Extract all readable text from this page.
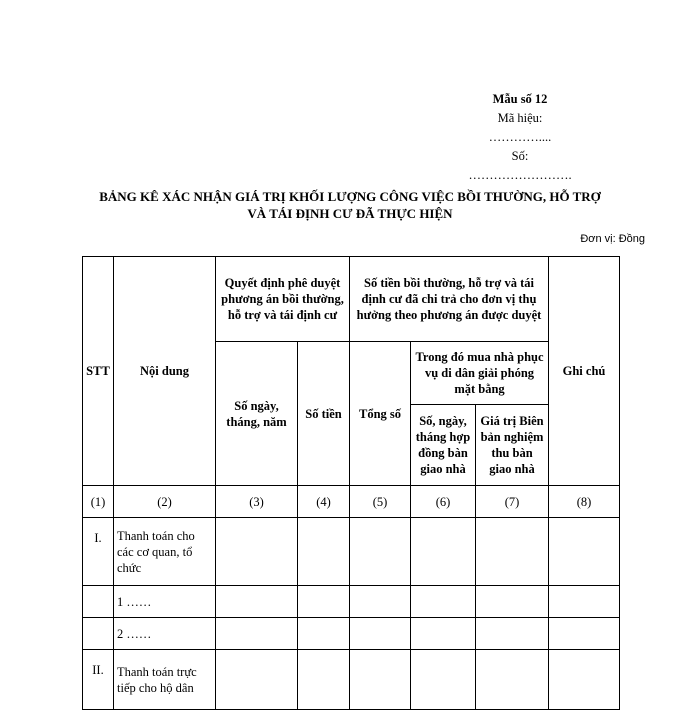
Mẫu số 12
Mã hiệu:
…………....
Số:
…………………….
BẢNG KÊ XÁC NHẬN GIÁ TRỊ KHỐI LƯỢNG CÔNG VIỆC BỒI THƯỜNG, HỖ TRỢ
VÀ TÁI ĐỊNH CƯ ĐÃ THỰC HIỆN
Đơn vị: Đồng
STT	Nội dung	Quyết định phê duyệt phương án bồi thường, hỗ trợ và tái định cư		Số tiền bồi thường, hỗ trợ và tái định cư đã chi trả cho đơn vị thụ hưởng theo phương án được duyệt			Ghi chú
		Số ngày, tháng, năm	Số tiền	Tổng số	Trong đó mua nhà phục vụ di dân giải phóng mặt bằng		
					Số, ngày, tháng hợp đồng bàn giao nhà	Giá trị Biên bản nghiệm thu bàn giao nhà	
(1)	(2)	(3)	(4)	(5)	(6)	(7)	(8)
I.	Thanh toán cho các cơ quan, tổ chức						
	1 ……						
	2 ……						
II.	Thanh toán trực tiếp cho hộ dân						
